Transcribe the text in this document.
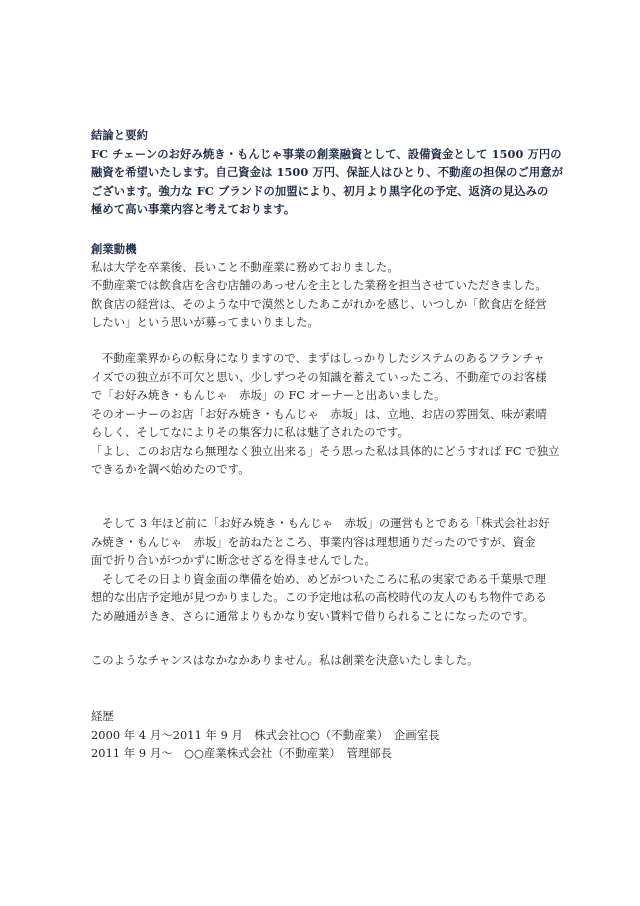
結論と要約
FC チェーンのお好み焼き・もんじゃ事業の創業融資として、設備資金として 1500 万円の
融資を希望いたします。自己資金は 1500 万円、保証人はひとり、不動産の担保のご用意が
ございます。強力な FC ブランドの加盟により、初月より黒字化の予定、返済の見込みの
極めて高い事業内容と考えております。
創業動機
私は大学を卒業後、長いこと不動産業に務めておりました。
不動産業では飲食店を含む店舗のあっせんを主とした業務を担当させていただきました。
飲食店の経営は、そのような中で漠然としたあこがれかを感じ、いつしか「飲食店を経営
したい」という思いが募ってまいりました。
不動産業界からの転身になりますので、まずはしっかりしたシステムのあるフランチャ
イズでの独立が不可欠と思い、少しずつその知識を蓄えていったころ、不動産でのお客様
で「お好み焼き・もんじゃ　赤坂」の FC オーナーと出あいました。
そのオーナーのお店「お好み焼き・もんじゃ　赤坂」は、立地、お店の雰囲気、味が素晴
らしく、そしてなによりその集客力に私は魅了されたのです。
「よし、このお店なら無理なく独立出来る」そう思った私は具体的にどうすれば FC で独立
できるかを調べ始めたのです。
そして 3 年ほど前に「お好み焼き・もんじゃ　赤坂」の運営もとである「株式会社お好
み焼き・もんじゃ　赤坂」を訪ねたところ、事業内容は理想通りだったのですが、資金
面で折り合いがつかずに断念せざるを得ませんでした。
そしてその日より資金面の準備を始め、めどがついたころに私の実家である千葉県で理
想的な出店予定地が見つかりました。この予定地は私の高校時代の友人のもち物件である
ため融通がきき、さらに通常よりもかなり安い賃料で借りられることになったのです。
このようなチャンスはなかなかありません。私は創業を決意いたしました。
経歴
2000 年 4 月〜2011 年 9 月　株式会社○○（不動産業）　企画室長
2011 年 9 月〜　○○産業株式会社（不動産業）　管理部長
